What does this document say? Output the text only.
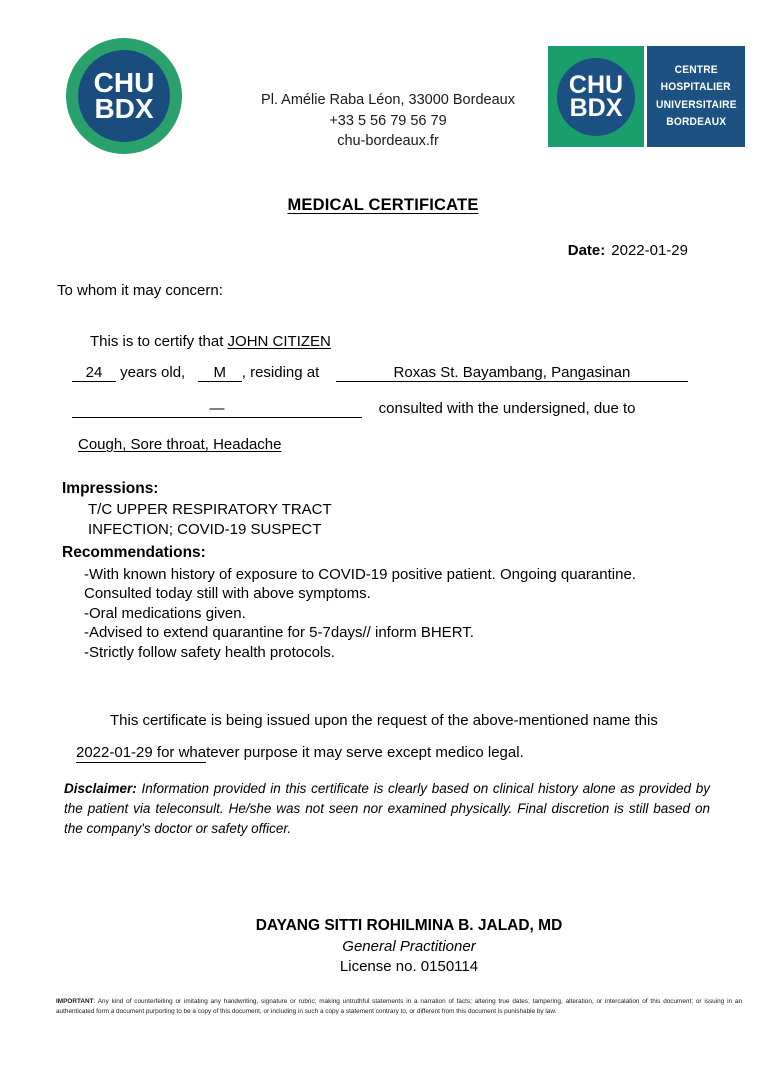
CHU
BDX	Pl. Amélie Raba Léon, 33000 Bordeaux
+33 5 56 79 56 79
chu-bordeaux.fr
CHU
BDX
CENTRE
HOSPITALIER
UNIVERSITAIRE
BORDEAUX
MEDICAL CERTIFICATE
Date: 2022-01-29
To whom it may concern:
This is to certify that JOHN CITIZEN
24 years old, M , residing at	Roxas St. Bayambang, Pangasinan
—	consulted with the undersigned, due to
Cough, Sore throat, Headache
Impressions:
T/C UPPER RESPIRATORY TRACT
INFECTION; COVID-19 SUSPECT
Recommendations:
-With known history of exposure to COVID-19 positive patient. Ongoing quarantine.
Consulted today still with above symptoms.
-Oral medications given.
-Advised to extend quarantine for 5-7days// inform BHERT.
-Strictly follow safety health protocols.
This certificate is being issued upon the request of the above-mentioned name this
2022-01-29 for whatever purpose it may serve except medico legal.
Disclaimer: Information provided in this certificate is clearly based on clinical history alone as provided by the patient via teleconsult. He/she was not seen nor examined physically. Final discretion is still based on the company's doctor or safety officer.
DAYANG SITTI ROHILMINA B. JALAD, MD
General Practitioner
License no. 0150114
IMPORTANT: Any kind of counterfeiting or imitating any handwriting, signature or rubric; making untruthful statements in a narration of facts; altering true dates; tampering, alteration, or intercalation of this document; or issuing in an authenticated form a document purporting to be a copy of this document, or including in such a copy a statement contrary to, or different from this document is punishable by law.
